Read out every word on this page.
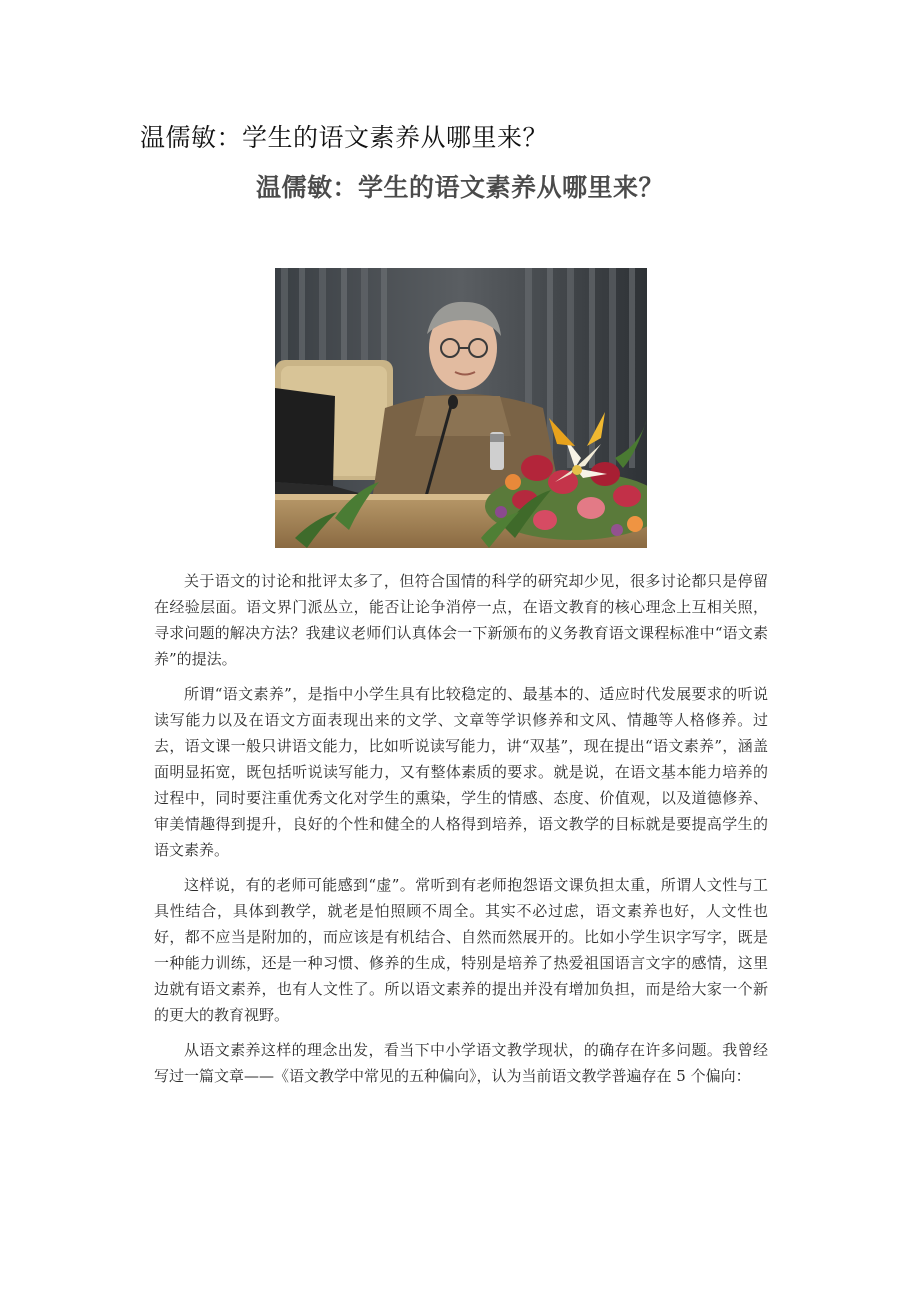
温儒敏：学生的语文素养从哪里来？
温儒敏：学生的语文素养从哪里来？

关于语文的讨论和批评太多了，但符合国情的科学的研究却少见，很多讨论都只是停留在经验层面。语文界门派丛立，能否让论争消停一点，在语文教育的核心理念上互相关照，寻求问题的解决方法？我建议老师们认真体会一下新颁布的义务教育语文课程标准中“语文素养”的提法。

所谓“语文素养”，是指中小学生具有比较稳定的、最基本的、适应时代发展要求的听说读写能力以及在语文方面表现出来的文学、文章等学识修养和文风、情趣等人格修养。过去，语文课一般只讲语文能力，比如听说读写能力，讲“双基”，现在提出“语文素养”，涵盖面明显拓宽，既包括听说读写能力，又有整体素质的要求。就是说，在语文基本能力培养的过程中，同时要注重优秀文化对学生的熏染，学生的情感、态度、价值观，以及道德修养、审美情趣得到提升，良好的个性和健全的人格得到培养，语文教学的目标就是要提高学生的语文素养。

这样说，有的老师可能感到“虚”。常听到有老师抱怨语文课负担太重，所谓人文性与工具性结合，具体到教学，就老是怕照顾不周全。其实不必过虑，语文素养也好，人文性也好，都不应当是附加的，而应该是有机结合、自然而然展开的。比如小学生识字写字，既是一种能力训练，还是一种习惯、修养的生成，特别是培养了热爱祖国语言文字的感情，这里边就有语文素养，也有人文性了。所以语文素养的提出并没有增加负担，而是给大家一个新的更大的教育视野。

从语文素养这样的理念出发，看当下中小学语文教学现状，的确存在许多问题。我曾经写过一篇文章——《语文教学中常见的五种偏向》，认为当前语文教学普遍存在 5 个偏向：
